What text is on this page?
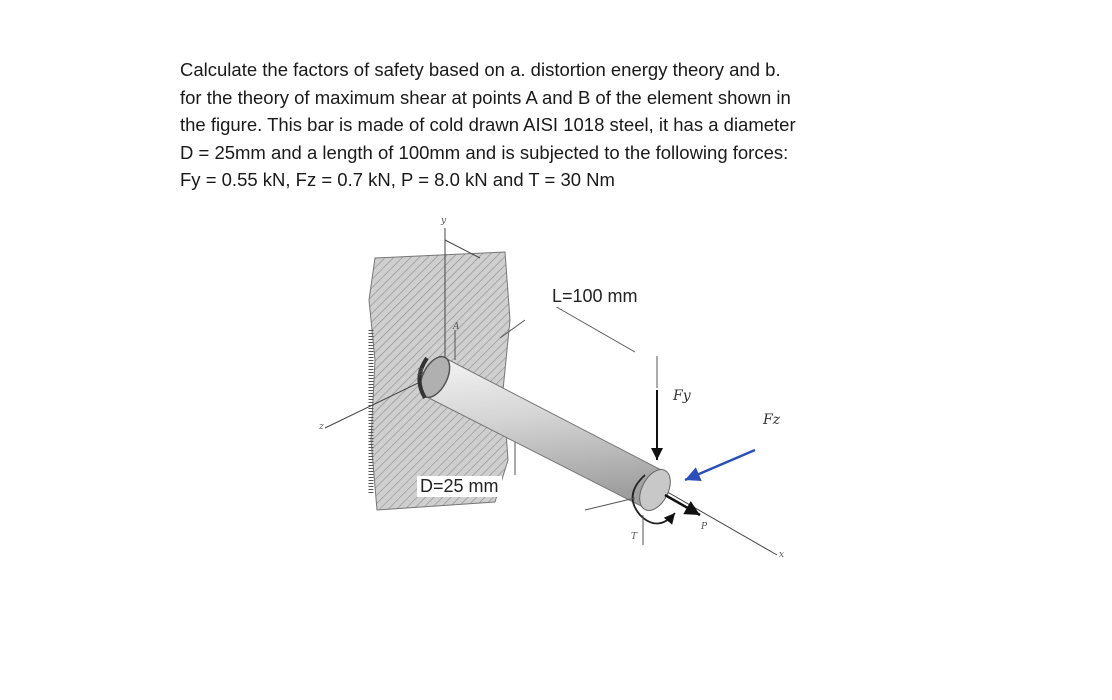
Calculate the factors of safety based on a. distortion energy theory and b.
for the theory of maximum shear at points A and B of the element shown in
the figure. This bar is made of cold drawn AISI 1018 steel, it has a diameter
D = 25mm and a length of 100mm and is subjected to the following forces:
Fy = 0.55 kN, Fz = 0.7 kN, P = 8.0 kN and T = 30 Nm
L=100 mm
D=25 mm
A
B
y
z
x
P
T
Fy
Fz
